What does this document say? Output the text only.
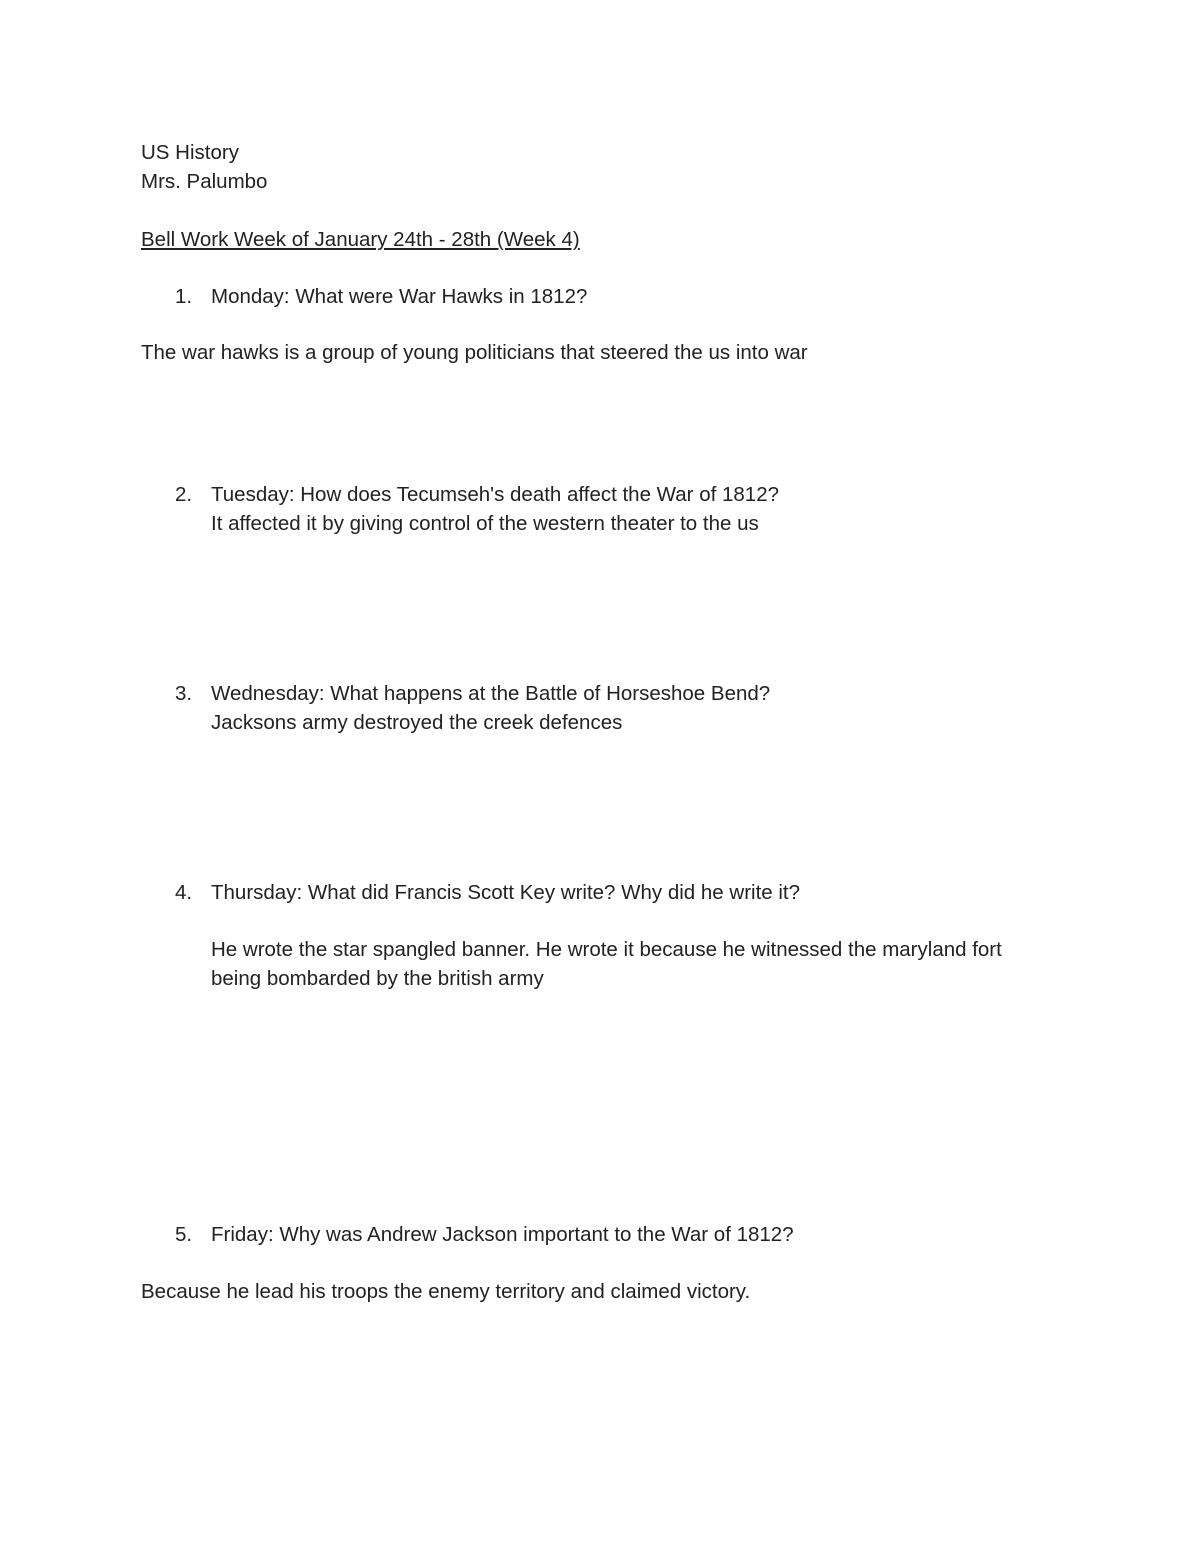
US History

Mrs. Palumbo

Bell Work Week of January 24th - 28th (Week 4)

1. Monday: What were War Hawks in 1812?

The war hawks is a group of young politicians that steered the us into war

2. Tuesday: How does Tecumseh's death affect the War of 1812?

It affected it by giving control of the western theater to the us

3. Wednesday: What happens at the Battle of Horseshoe Bend?

Jacksons army destroyed the creek defences

4. Thursday: What did Francis Scott Key write? Why did he write it?

He wrote the star spangled banner. He wrote it because he witnessed the maryland fort

being bombarded by the british army

5. Friday: Why was Andrew Jackson important to the War of 1812?

Because he lead his troops the enemy territory and claimed victory.
